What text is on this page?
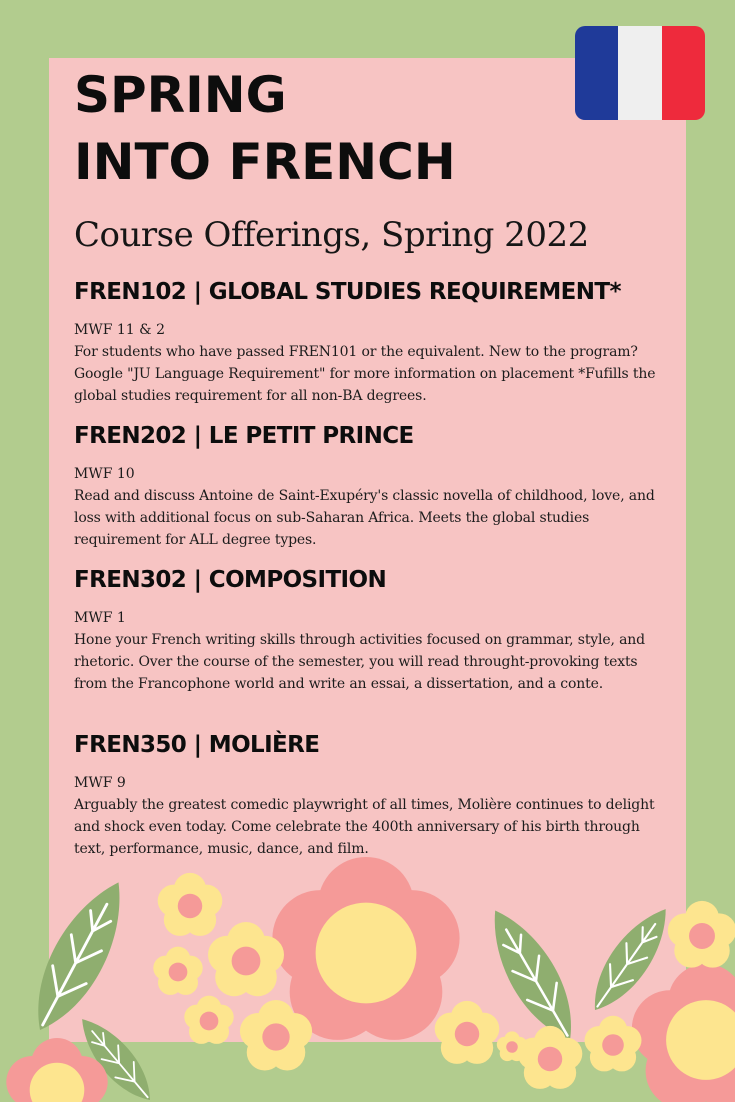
SPRING
INTO FRENCH
Course Offerings, Spring 2022
FREN102 | GLOBAL STUDIES REQUIREMENT*

MWF 11 & 2

For students who have passed FREN101 or the equivalent. New to the program? Google "JU Language Requirement" for more information on placement *Fufills the global studies requirement for all non-BA degrees.

FREN202 | LE PETIT PRINCE

MWF 10

Read and discuss Antoine de Saint-Exupéry's classic novella of childhood, love, and loss with additional focus on sub-Saharan Africa. Meets the global studies requirement for ALL degree types.

FREN302 | COMPOSITION

MWF 1

Hone your French writing skills through activities focused on grammar, style, and rhetoric. Over the course of the semester, you will read throught-provoking texts from the Francophone world and write an essai, a dissertation, and a conte.

FREN350 | MOLIÈRE

MWF 9

Arguably the greatest comedic playwright of all times, Molière continues to delight and shock even today. Come celebrate the 400th anniversary of his birth through text, performance, music, dance, and film.
